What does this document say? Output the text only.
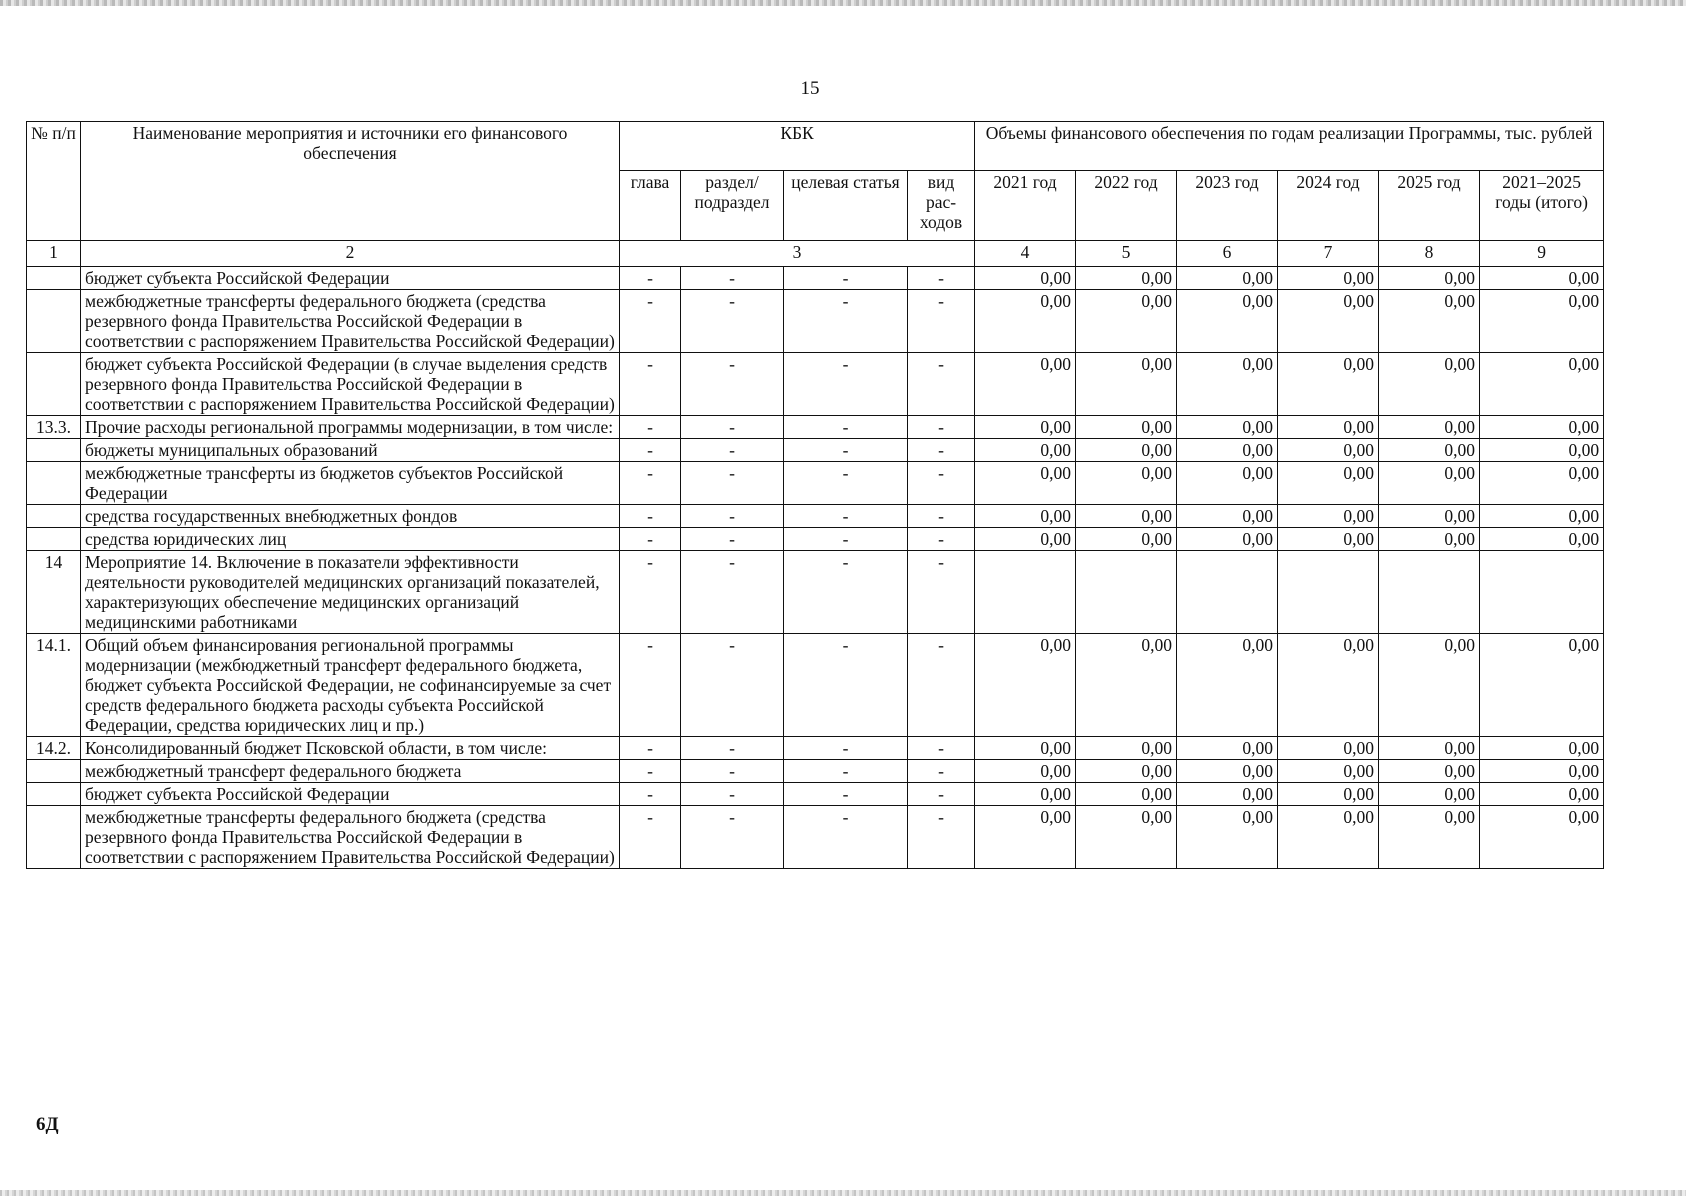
15
№ п/п	Наименование мероприятия и источники его финансового обеспечения	КБК				Объемы финансового обеспечения по годам реализации Программы, тыс. рублей					
		глава	раздел/ подраздел	целевая статья	вид рас-ходов	2021 год	2022 год	2023 год	2024 год	2025 год	2021–2025 годы (итого)
1	2	3				4	5	6	7	8	9
	бюджет субъекта Российской Федерации	-	-	-	-	0,00	0,00	0,00	0,00	0,00	0,00
	межбюджетные трансферты федерального бюджета (средства резервного фонда Правительства Российской Федерации в соответствии с распоряжением Правительства Российской Федерации)	-	-	-	-	0,00	0,00	0,00	0,00	0,00	0,00
	бюджет субъекта Российской Федерации (в случае выделения средств резервного фонда Правительства Российской Федерации в соответствии с распоряжением Правительства Российской Федерации)	-	-	-	-	0,00	0,00	0,00	0,00	0,00	0,00
13.3.	Прочие расходы региональной программы модернизации, в том числе:	-	-	-	-	0,00	0,00	0,00	0,00	0,00	0,00
	бюджеты муниципальных образований	-	-	-	-	0,00	0,00	0,00	0,00	0,00	0,00
	межбюджетные трансферты из бюджетов субъектов Российской Федерации	-	-	-	-	0,00	0,00	0,00	0,00	0,00	0,00
	средства государственных внебюджетных фондов	-	-	-	-	0,00	0,00	0,00	0,00	0,00	0,00
	средства юридических лиц	-	-	-	-	0,00	0,00	0,00	0,00	0,00	0,00
14	Мероприятие 14. Включение в показатели эффективности деятельности руководителей медицинских организаций показателей, характеризующих обеспечение медицинских организаций медицинскими работниками	-	-	-	-						
14.1.	Общий объем финансирования региональной программы модернизации (межбюджетный трансферт федерального бюджета, бюджет субъекта Российской Федерации, не софинансируемые за счет средств федерального бюджета расходы субъекта Российской Федерации, средства юридических лиц и пр.)	-	-	-	-	0,00	0,00	0,00	0,00	0,00	0,00
14.2.	Консолидированный бюджет Псковской области, в том числе:	-	-	-	-	0,00	0,00	0,00	0,00	0,00	0,00
	межбюджетный трансферт федерального бюджета	-	-	-	-	0,00	0,00	0,00	0,00	0,00	0,00
	бюджет субъекта Российской Федерации	-	-	-	-	0,00	0,00	0,00	0,00	0,00	0,00
	межбюджетные трансферты федерального бюджета (средства резервного фонда Правительства Российской Федерации в соответствии с распоряжением Правительства Российской Федерации)	-	-	-	-	0,00	0,00	0,00	0,00	0,00	0,00
6Д
